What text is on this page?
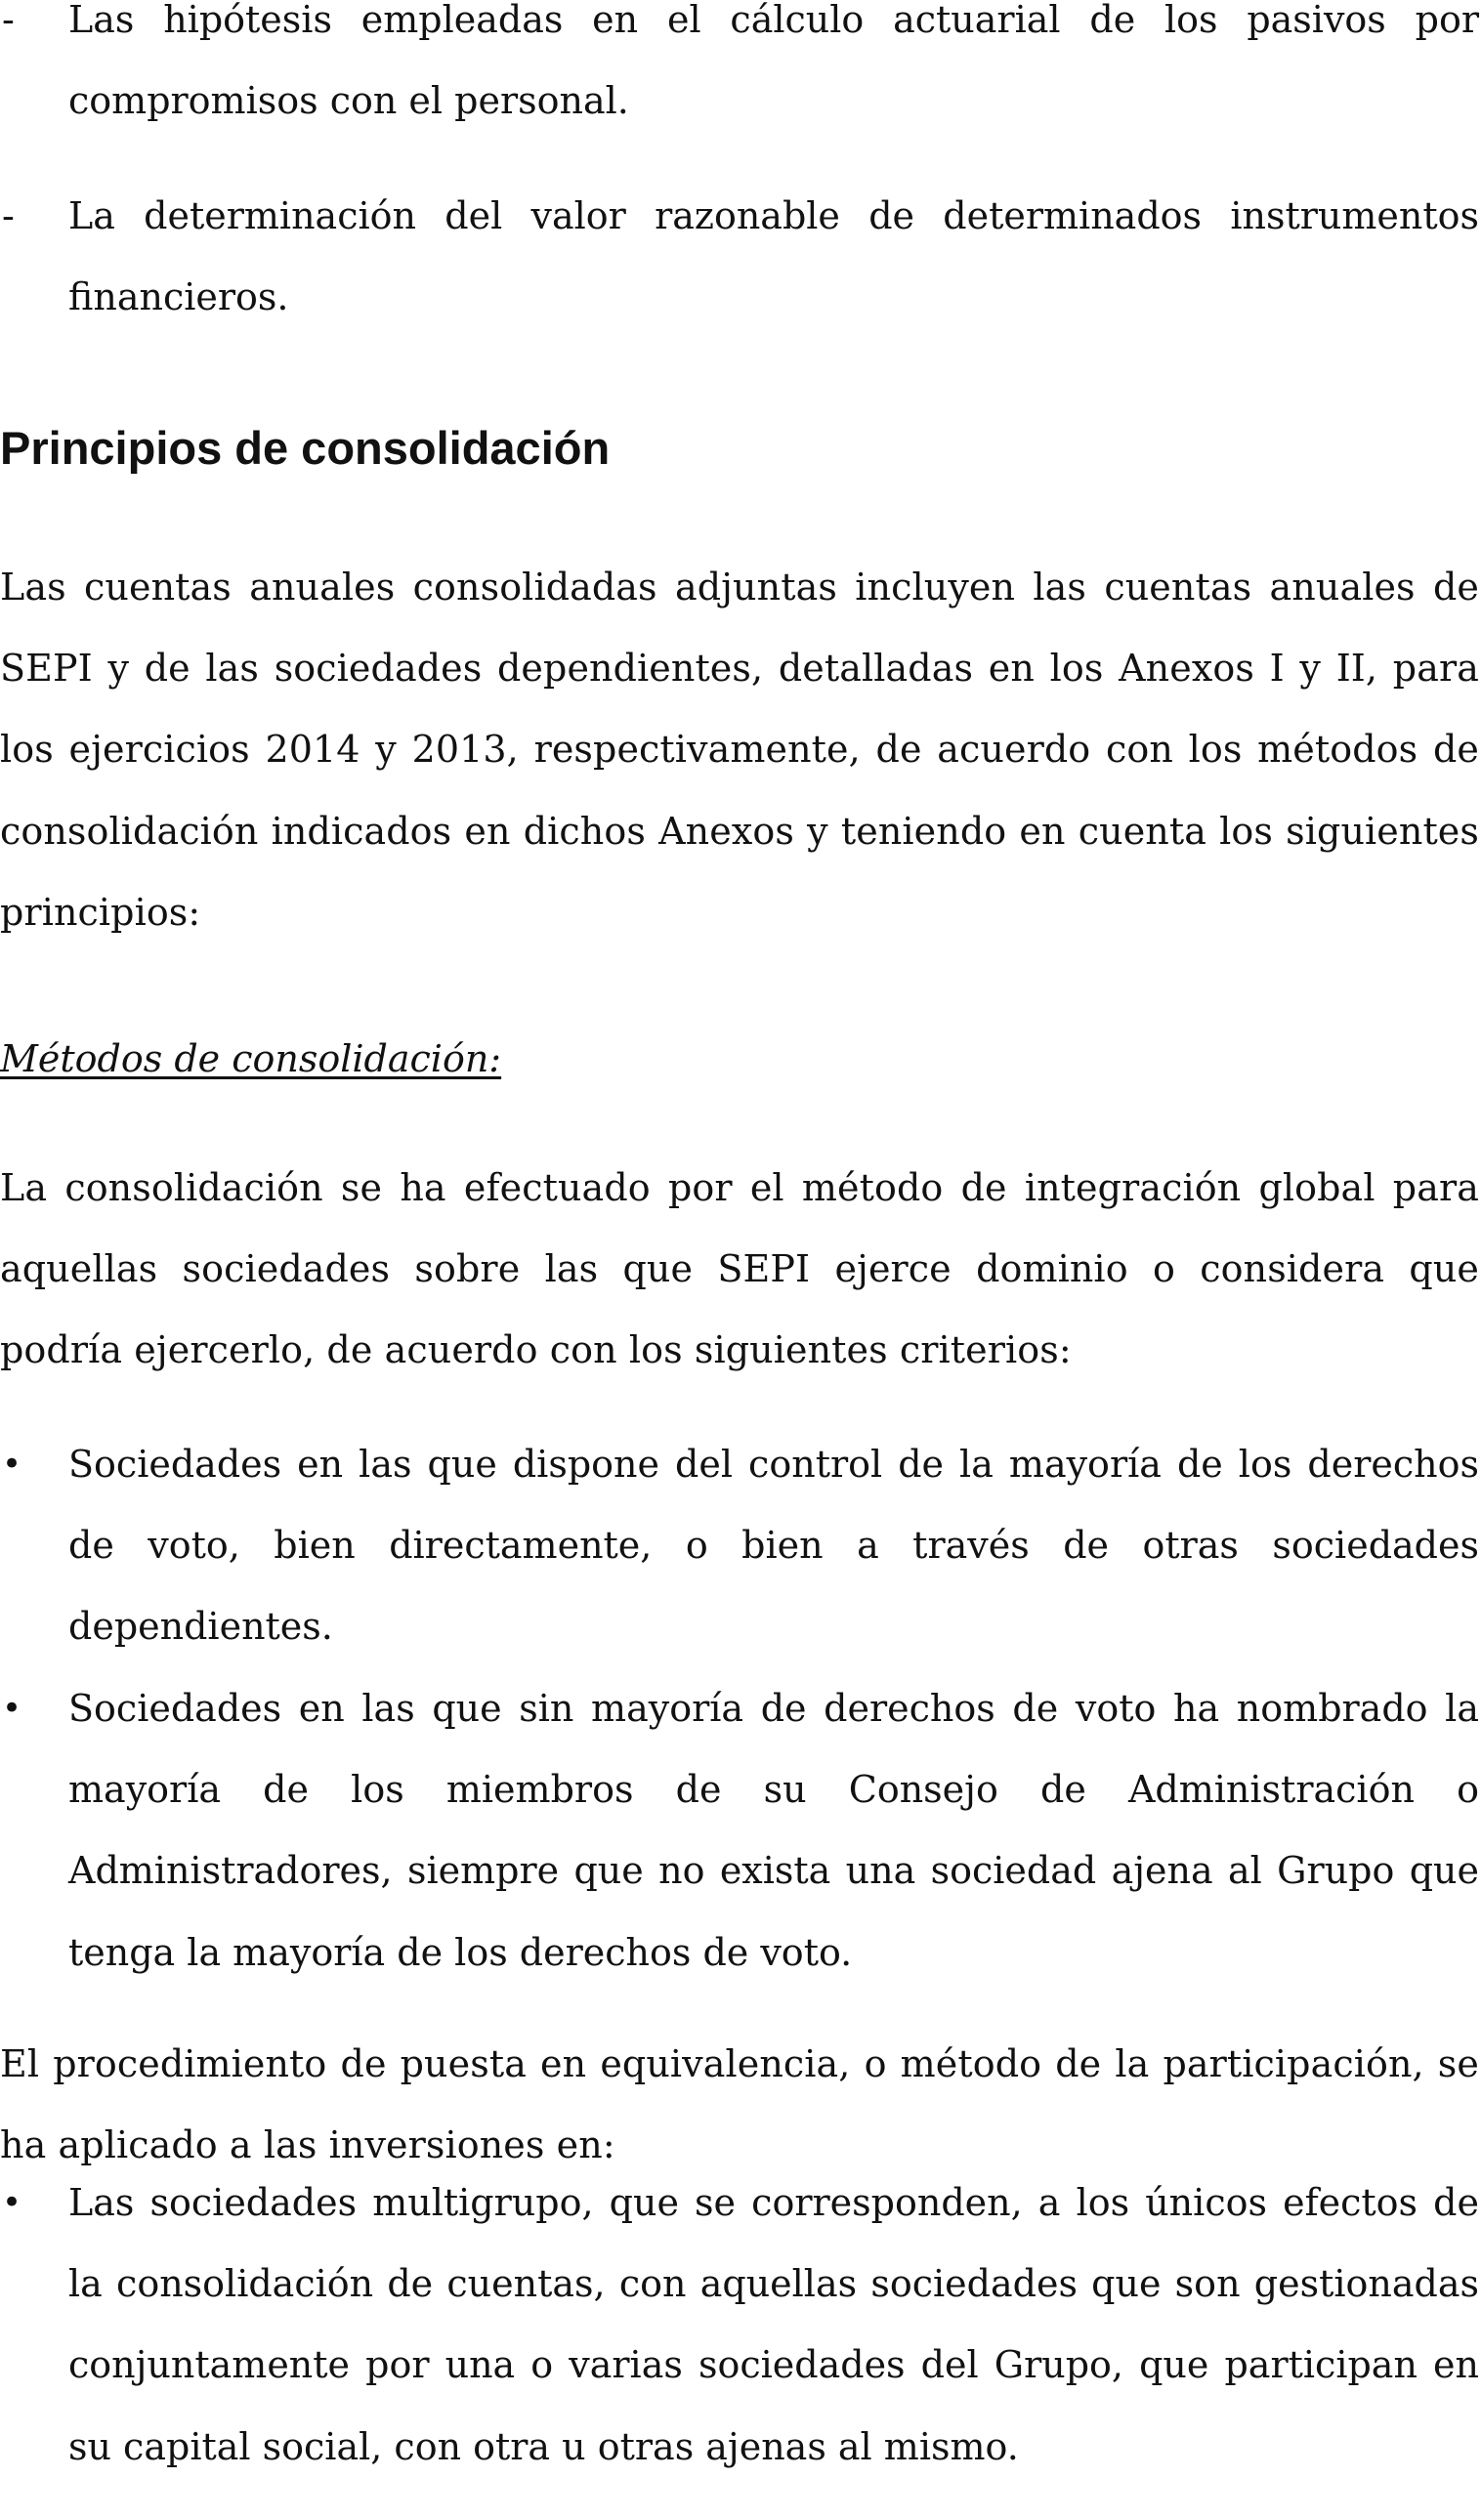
-	Las hipótesis empleadas en el cálculo actuarial de los pasivos por compromisos con el personal.

-	La determinación del valor razonable de determinados instrumentos financieros.

Principios de consolidación

Las cuentas anuales consolidadas adjuntas incluyen las cuentas anuales de SEPI y de las sociedades dependientes, detalladas en los Anexos I y II, para los ejercicios 2014 y 2013, respectivamente, de acuerdo con los métodos de consolidación indicados en dichos Anexos y teniendo en cuenta los siguientes principios:

Métodos de consolidación:

La consolidación se ha efectuado por el método de integración global para aquellas sociedades sobre las que SEPI ejerce dominio o considera que podría ejercerlo, de acuerdo con los siguientes criterios:

•	Sociedades en las que dispone del control de la mayoría de los derechos de voto, bien directamente, o bien a través de otras sociedades dependientes.

•	Sociedades en las que sin mayoría de derechos de voto ha nombrado la mayoría de los miembros de su Consejo de Administración o Administradores, siempre que no exista una sociedad ajena al Grupo que tenga la mayoría de los derechos de voto.

El procedimiento de puesta en equivalencia, o método de la participación, se ha aplicado a las inversiones en:

•	Las sociedades multigrupo, que se corresponden, a los únicos efectos de la consolidación de cuentas, con aquellas sociedades que son gestionadas conjuntamente por una o varias sociedades del Grupo, que participan en su capital social, con otra u otras ajenas al mismo.
